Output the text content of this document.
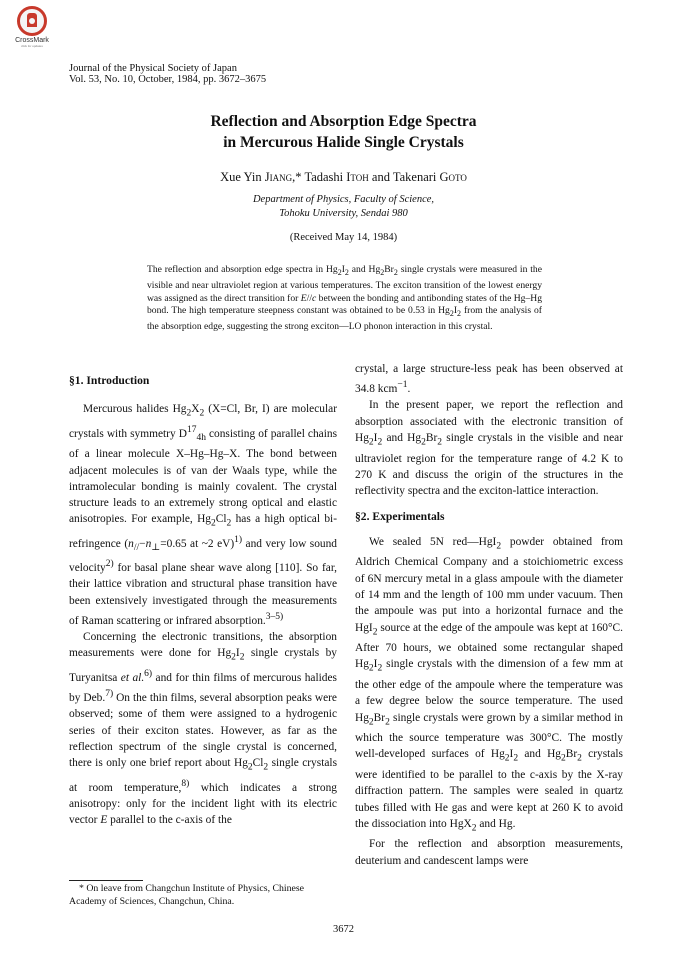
CrossMark
click for updates
Journal of the Physical Society of Japan
Vol. 53, No. 10, October, 1984, pp. 3672–3675
Reflection and Absorption Edge Spectra
in Mercurous Halide Single Crystals
Xue Yin Jiang,* Tadashi Itoh and Takenari Goto
Department of Physics, Faculty of Science,
Tohoku University, Sendai 980
(Received May 14, 1984)
The reflection and absorption edge spectra in $Hg_2I_2$ and $Hg_2Br_2$ single crystals were measured in the visible and near ultraviolet region at various temperatures. The exciton transition of the lowest energy was assigned as the direct transition for E//c between the bonding and antibonding states of the Hg–Hg bond. The high temperature steepness constant was obtained to be 0.53 in $Hg_2I_2$ from the analysis of the absorption edge, suggesting the strong exciton—LO phonon interaction in this crystal.

§1. Introduction

Mercurous halides $Hg_2X_2$ (X=Cl, Br, I) are molecular crystals with symmetry $D^{17}_{4h}$ consisting of parallel chains of a linear molecule X–Hg–Hg–X. The bond between adjacent molecules is of van der Waals type, while the intramolecular bonding is mainly covalent. The crystal structure leads to an extremely strong optical and elastic anisotropies. For example, $Hg_2Cl_2$ has a high optical bi-refringence ($n_{//}-n_\perp=0.65$ at ~2 eV)$^{1)}$ and very low sound velocity$^{2)}$ for basal plane shear wave along [110]. So far, their lattice vibration and structural phase transition have been extensively investigated through the measurements of Raman scattering or infrared absorption.$^{3-5)}$

Concerning the electronic transitions, the absorption measurements were done for $Hg_2I_2$ single crystals by Turyanitsa et al.$^{6)}$ and for thin films of mercurous halides by Deb.$^{7)}$ On the thin films, several absorption peaks were observed; some of them were assigned to a hydrogenic series of their exciton states. However, as far as the reflection spectrum of the single crystal is concerned, there is only one brief report about $Hg_2Cl_2$ single crystals at room temperature,$^{8)}$ which indicates a strong anisotropy: only for the incident light with its electric vector E parallel to the c-axis of the

crystal, a large structure-less peak has been observed at 34.8 kcm$^{-1}$.

In the present paper, we report the reflection and absorption associated with the electronic transition of $Hg_2I_2$ and $Hg_2Br_2$ single crystals in the visible and near ultraviolet region for the temperature range of 4.2 K to 270 K and discuss the origin of the structures in the reflectivity spectra and the exciton-lattice interaction.

§2. Experimentals

We sealed 5N red—HgI$_2$ powder obtained from Aldrich Chemical Company and a stoichiometric excess of 6N mercury metal in a glass ampoule with the diameter of 14 mm and the length of 100 mm under vacuum. Then the ampoule was put into a horizontal furnace and the HgI$_2$ source at the edge of the ampoule was kept at 160°C. After 70 hours, we obtained some rectangular shaped $Hg_2I_2$ single crystals with the dimension of a few mm at the other edge of the ampoule where the temperature was a few degree below the source temperature. The used $Hg_2Br_2$ single crystals were grown by a similar method in which the source temperature was 300°C. The mostly well-developed surfaces of $Hg_2I_2$ and $Hg_2Br_2$ crystals were identified to be parallel to the c-axis by the X-ray diffraction pattern. The samples were sealed in quartz tubes filled with He gas and were kept at 260 K to avoid the dissociation into HgX$_2$ and Hg.

For the reflection and absorption measurements, deuterium and candescent lamps were

* On leave from Changchun Institute of Physics, Chinese Academy of Sciences, Changchun, China.
3672
